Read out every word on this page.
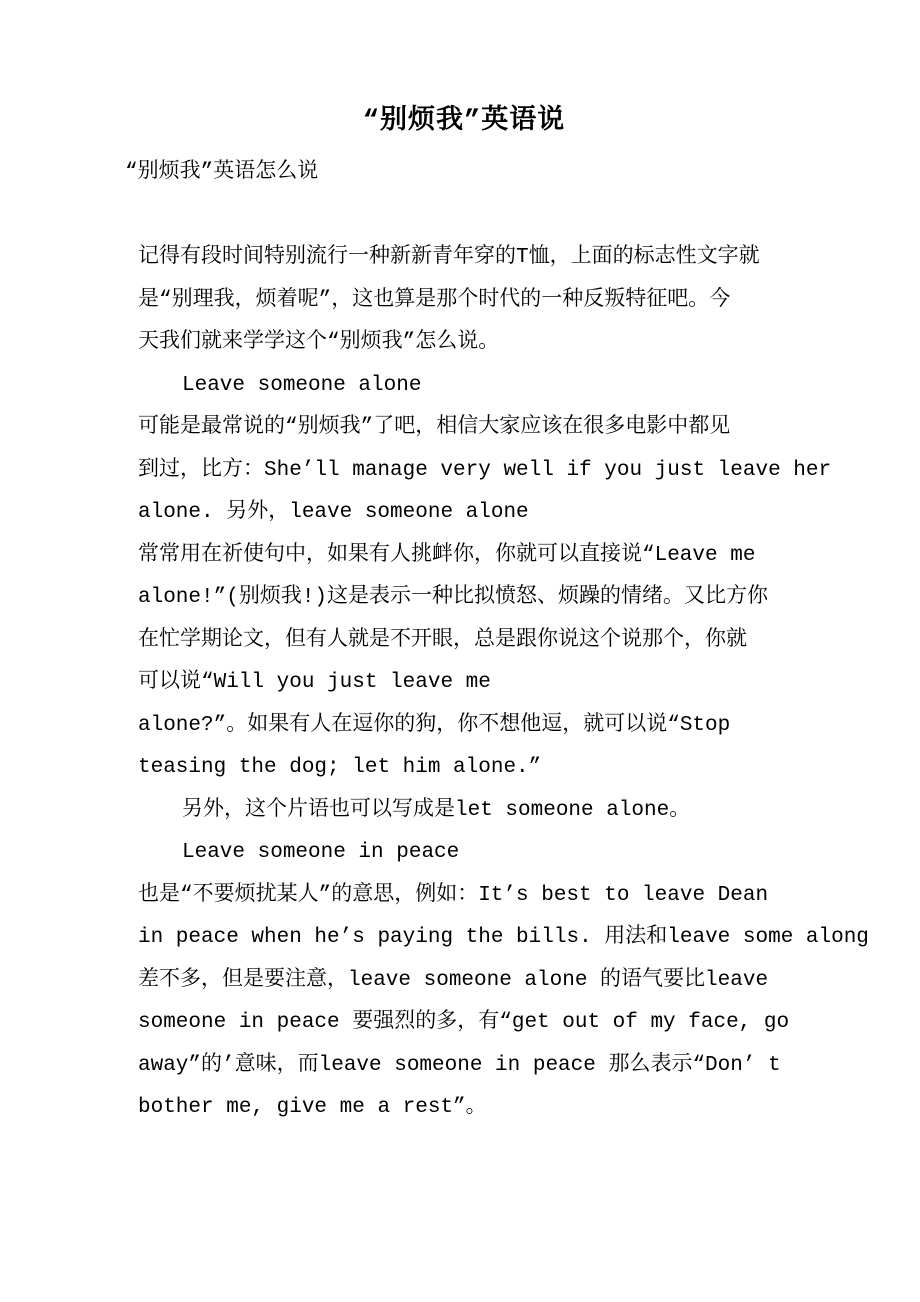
“别烦我”英语说
“别烦我”英语怎么说
记得有段时间特别流行一种新新青年穿的T恤，上面的标志性文字就
是“别理我，烦着呢”，这也算是那个时代的一种反叛特征吧。今
天我们就来学学这个“别烦我”怎么说。
Leave someone alone
可能是最常说的“别烦我”了吧，相信大家应该在很多电影中都见
到过，比方：She’ll manage very well if you just leave her
alone. 另外，leave someone alone
常常用在祈使句中，如果有人挑衅你，你就可以直接说“Leave me
alone!”(别烦我!)这是表示一种比拟愤怒、烦躁的情绪。又比方你
在忙学期论文，但有人就是不开眼，总是跟你说这个说那个，你就
可以说“Will you just leave me
alone?”。如果有人在逗你的狗，你不想他逗，就可以说“Stop
teasing the dog; let him alone.”
另外，这个片语也可以写成是let someone alone。
Leave someone in peace
也是“不要烦扰某人”的意思，例如：It’s best to leave Dean
in peace when he’s paying the bills. 用法和leave some along
差不多，但是要注意，leave someone alone 的语气要比leave
someone in peace 要强烈的多，有“get out of my face, go
away”的’意味，而leave someone in peace 那么表示“Don’ t
bother me, give me a rest”。
